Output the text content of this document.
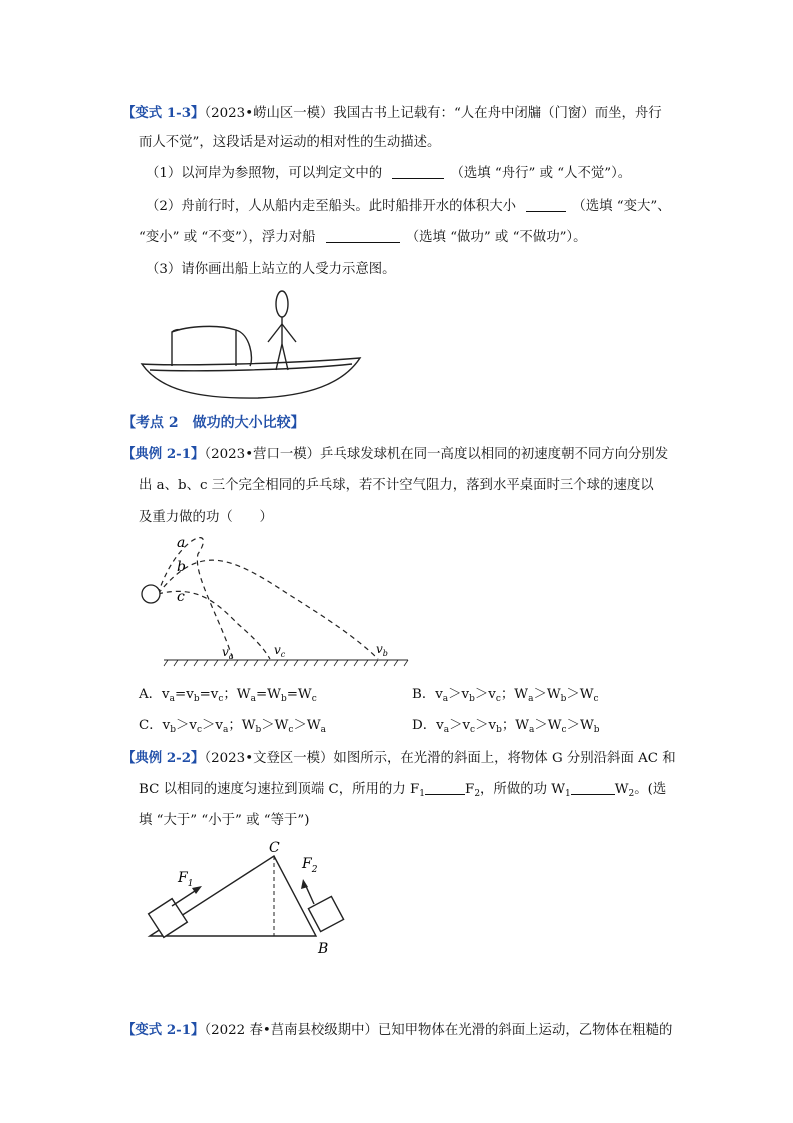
【变式 1-3】（2023•崂山区一模）我国古书上记载有：“人在舟中闭牖（门窗）而坐，舟行
而人不觉”，这段话是对运动的相对性的生动描述。
（1）以河岸为参照物，可以判定文中的	（选填 “舟行” 或 “人不觉”）。
（2）舟前行时，人从船内走至船头。此时船排开水的体积大小	（选填 “变大”、
“变小” 或 “不变”），浮力对船	（选填 “做功” 或 “不做功”）。
（3）请你画出船上站立的人受力示意图。
【考点 2　做功的大小比较】
【典例 2-1】（2023•营口一模）乒乓球发球机在同一高度以相同的初速度朝不同方向分别发
出 a、b、c 三个完全相同的乒乓球，若不计空气阻力，落到水平桌面时三个球的速度以
及重力做的功（　　）
a
b
c
$v_a$	$v_c$	$v_b$
A．$v_a=v_b=v_c$；$W_a=W_b=W_c$	B．$v_a>v_b>v_c$；$W_a>W_b>W_c$
C．$v_b>v_c>v_a$；$W_b>W_c>W_a$	D．$v_a>v_c>v_b$；$W_a>W_c>W_b$
【典例 2-2】（2023•文登区一模）如图所示，在光滑的斜面上，将物体 G 分别沿斜面 AC 和
BC 以相同的速度匀速拉到顶端 C，所用的力 $F_1$	$F_2$，所做的功 $W_1$	$W_2$。(选
填 “大于” “小于” 或 “等于”)
C
B
$F_1$
$F_2$
【变式 2-1】（2022 春•莒南县校级期中）已知甲物体在光滑的斜面上运动，乙物体在粗糙的
